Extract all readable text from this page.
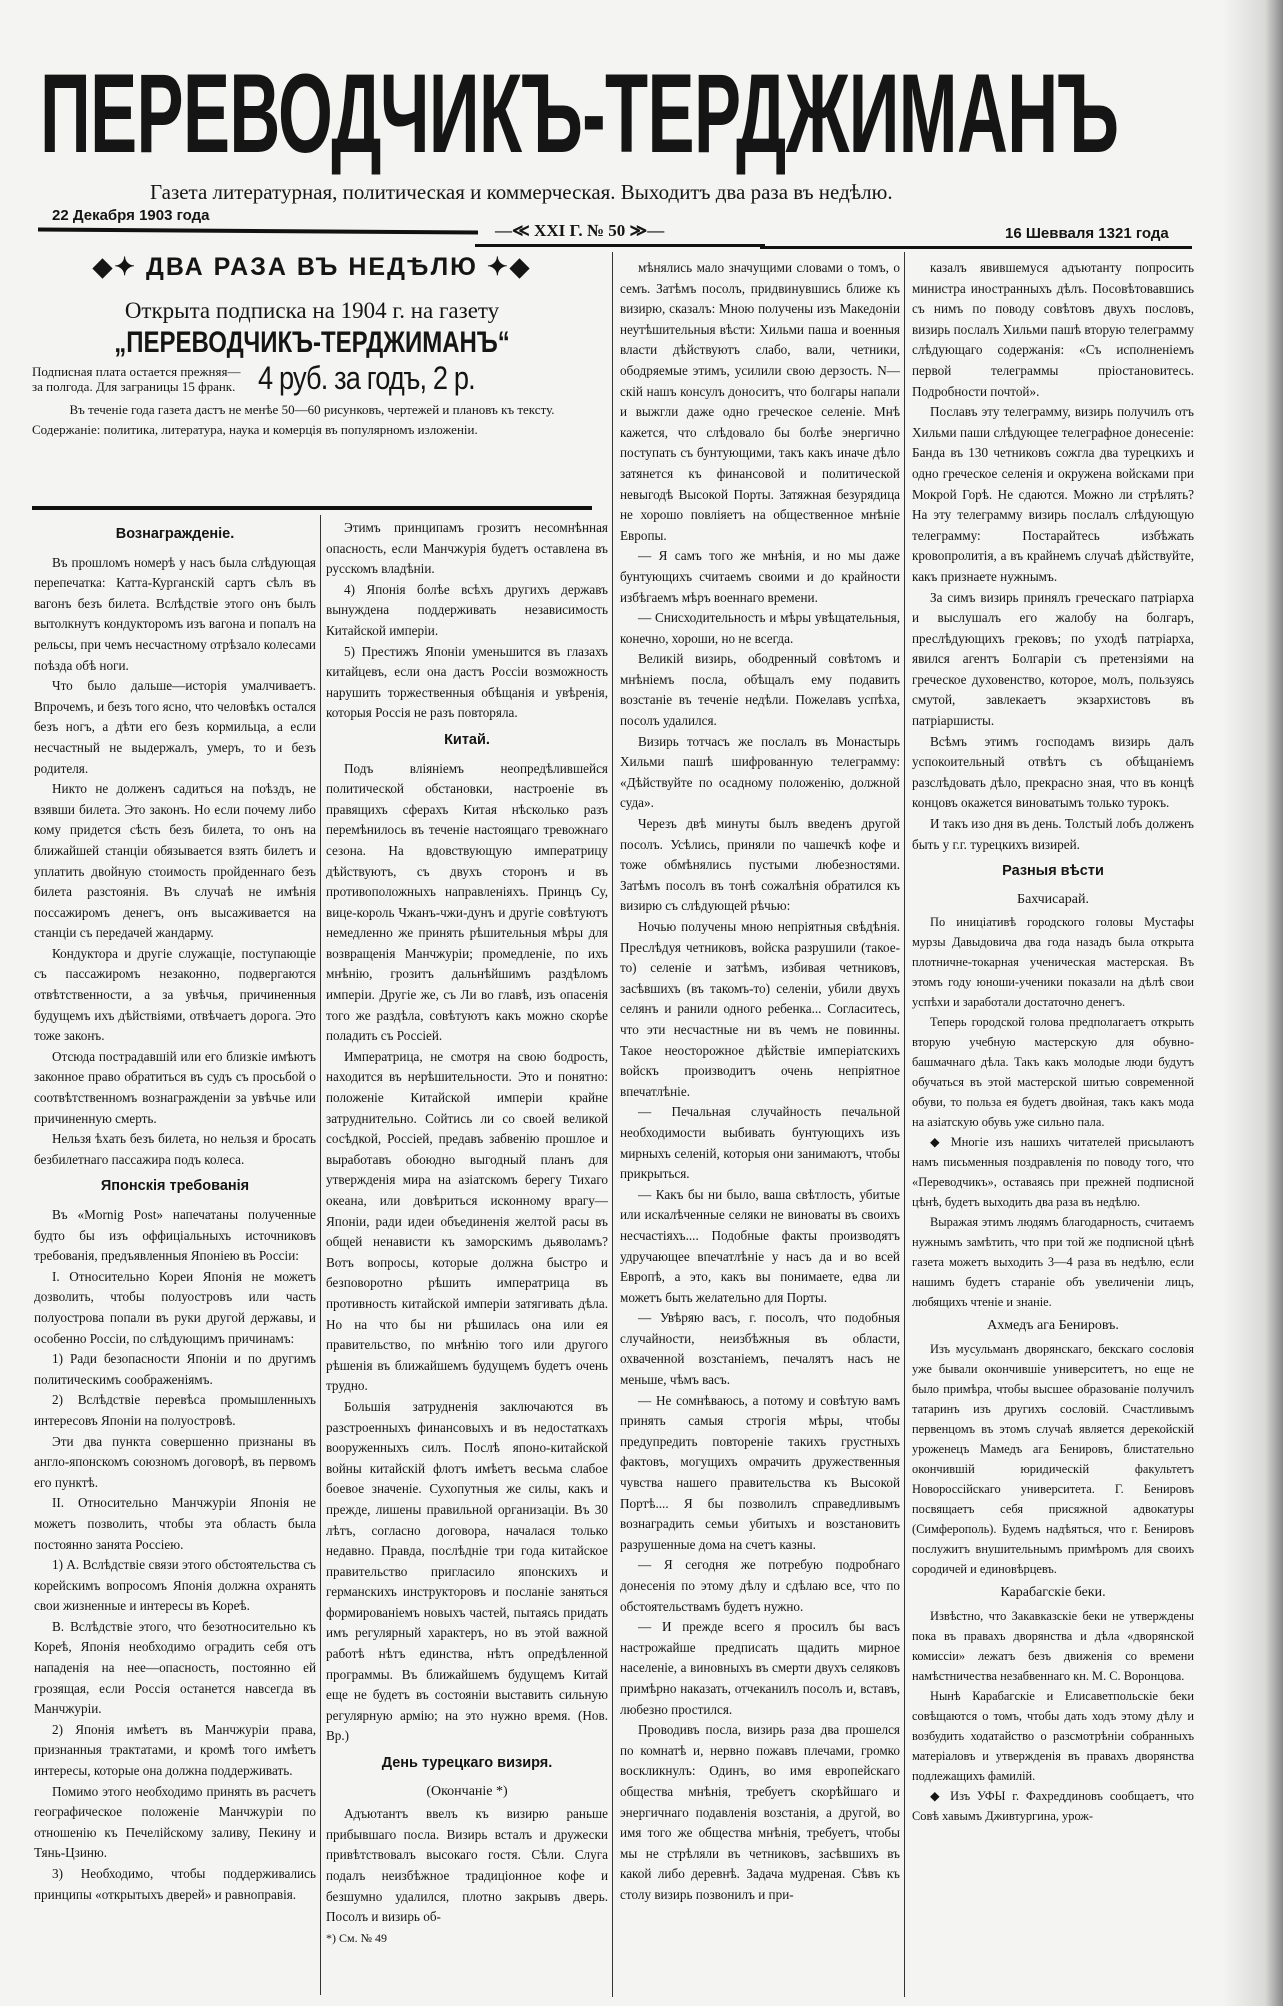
ПЕРЕВОДЧИКЪ-ТЕРДЖИМАНЪ
Газета литературная, политическая и коммерческая. Выходитъ два раза въ недѣлю.
22 Декабря 1903 года
—≪ XXI Г. № 50 ≫—	16 Шевваля 1321 года
◆✦ ДВА РАЗА ВЪ НЕДѢЛЮ ✦◆
Открыта подписка на 1904 г. на газету
„ПЕРЕВОДЧИКЪ-ТЕРДЖИМАНЪ“
Подписная плата остается прежняя— за полгода. Для заграницы 15 франк. 4 руб. за годъ, 2 р.
Въ теченіе года газета дастъ не менѣе 50—60 рисунковъ, чертежей и плановъ къ тексту.
Содержаніе: политика, литература, наука и комерція въ популярномъ изложеніи.
Вознагражденіе.

Въ прошломъ номерѣ у насъ была слѣдующая перепечатка: Катта-Курганскій сартъ сѣлъ въ вагонъ безъ билета. Вслѣдствіе этого онъ былъ вытолкнутъ кондукторомъ изъ вагона и попалъ на рельсы, при чемъ несчастному отрѣзало колесами поѣзда обѣ ноги.

Что было дальше—исторія умалчиваетъ. Впрочемъ, и безъ того ясно, что человѣкъ остался безъ ногъ, а дѣти его безъ кормильца, а если несчастный не выдержалъ, умеръ, то и безъ родителя.

Никто не долженъ садиться на поѣздъ, не взявши билета. Это законъ. Но если почему либо кому придется сѣсть безъ билета, то онъ на ближайшей станціи обязывается взять билетъ и уплатить двойную стоимость пройденнаго безъ билета разстоянія. Въ случаѣ не имѣнія поссажиромъ денегъ, онъ высаживается на станціи съ передачей жандарму.

Кондуктора и другіе служащіе, поступающіе съ пассажиромъ незаконно, подвергаются отвѣтственности, а за увѣчья, причиненныя будущемъ ихъ дѣйствіями, отвѣчаетъ дорога. Это тоже законъ.

Отсюда пострадавшій или его близкіе имѣютъ законное право обратиться въ судъ съ просьбой о соотвѣтственномъ вознагражденіи за увѣчье или причиненную смерть.

Нельзя ѣхать безъ билета, но нельзя и бросать безбилетнаго пассажира подъ колеса.

Японскія требованія

Въ «Mornig Post» напечатаны полученные будто бы изъ оффиціальныхъ источниковъ требованія, предъявленныя Японіею въ Россіи:

I. Относительно Кореи Японія не можетъ дозволить, чтобы полуостровъ или часть полуострова попали въ руки другой державы, и особенно Россіи, по слѣдующимъ причинамъ:

1) Ради безопасности Японіи и по другимъ политическимъ соображеніямъ.

2) Вслѣдствіе перевѣса промышленныхъ интересовъ Японіи на полуостровѣ.

Эти два пункта совершенно признаны въ англо-японскомъ союзномъ договорѣ, въ первомъ его пунктѣ.

II. Относительно Манчжуріи Японія не можетъ позволить, чтобы эта область была постоянно занята Россіею.

1) А. Вслѣдствіе связи этого обстоятельства съ корейскимъ вопросомъ Японія должна охранять свои жизненные и интересы въ Кореѣ.

В. Вслѣдствіе этого, что безотносительно къ Кореѣ, Японія необходимо оградить себя отъ нападенія на нее—опасность, постоянно ей грозящая, если Россія останется навсегда въ Манчжуріи.

2) Японія имѣетъ въ Манчжуріи права, признанныя трактатами, и кромѣ того имѣетъ интересы, которые она должна поддерживать.

Помимо этого необходимо принять въ расчетъ географическое положеніе Манчжуріи по отношенію къ Печелійскому заливу, Пекину и Тянь-Цзиню.

3) Необходимо, чтобы поддерживались принципы «открытыхъ дверей» и равноправія.

Этимъ принципамъ грозитъ несомнѣнная опасность, если Манчжурія будетъ оставлена въ русскомъ владѣніи.

4) Японія болѣе всѣхъ другихъ державъ вынуждена поддерживать независимость Китайской имперіи.

5) Престижъ Японіи уменьшится въ глазахъ китайцевъ, если она дастъ Россіи возможность нарушить торжественныя обѣщанія и увѣренія, которыя Россія не разъ повторяла.

Китай.

Подъ вліяніемъ неопредѣлившейся политической обстановки, настроеніе въ правящихъ сферахъ Китая нѣсколько разъ перемѣнилось въ теченіе настоящаго тревожнаго сезона. На вдовствующую императрицу дѣйствуютъ, съ двухъ сторонъ и въ противоположныхъ направленіяхъ. Принцъ Су, вице-король Чжанъ-чжи-дунъ и другіе совѣтуютъ немедленно же принять рѣшительныя мѣры для возвращенія Манчжуріи; промедленіе, по ихъ мнѣнію, грозитъ дальнѣйшимъ раздѣломъ имперіи. Другіе же, съ Ли во главѣ, изъ опасенія того же раздѣла, совѣтуютъ какъ можно скорѣе поладить съ Россіей.

Императрица, не смотря на свою бодрость, находится въ нерѣшительности. Это и понятно: положеніе Китайской имперіи крайне затруднительно. Сойтись ли со своей великой сосѣдкой, Россіей, предавъ забвенію прошлое и выработавъ обоюдно выгодный планъ для утвержденія мира на азіатскомъ берегу Тихаго океана, или довѣриться исконному врагу—Японіи, ради идеи объединенія желтой расы въ общей ненависти къ заморскимъ дьяволамъ? Вотъ вопросы, которые должна быстро и безповоротно рѣшить императрица въ противность китайской имперіи затягивать дѣла. Но на что бы ни рѣшилась она или ея правительство, по мнѣнію того или другого рѣшенія въ ближайшемъ будущемъ будетъ очень трудно.

Большія затрудненія заключаются въ разстроенныхъ финансовыхъ и въ недостаткахъ вооруженныхъ силъ. Послѣ японо-китайской войны китайскій флотъ имѣетъ весьма слабое боевое значеніе. Сухопутныя же силы, какъ и прежде, лишены правильной организаціи. Въ 30 лѣтъ, согласно договора, началася только недавно. Правда, послѣдніе три года китайское правительство пригласило японскихъ и германскихъ инструкторовъ и посланіе заняться формированіемъ новыхъ частей, пытаясь придать имъ регулярный характеръ, но въ этой важной работѣ нѣтъ единства, нѣтъ опредѣленной программы. Въ ближайшемъ будущемъ Китай еще не будетъ въ состояніи выставить сильную регулярную армію; на это нужно время. (Нов. Вр.)

День турецкаго визиря.
(Окончаніе *)

Адъютантъ ввелъ къ визирю раньше прибывшаго посла. Визирь всталъ и дружески привѣтствовалъ высокаго гостя. Сѣли. Слуга подалъ неизбѣжное традиціонное кофе и безшумно удалился, плотно закрывъ дверь. Посолъ и визирь об-

*) См. № 49

мѣнялись мало значущими словами о томъ, о семъ. Затѣмъ посолъ, придвинувшись ближе къ визирю, сказалъ: Мною получены изъ Македоніи неутѣшительныя вѣсти: Хильми паша и военныя власти дѣйствуютъ слабо, вали, четники, ободряемые этимъ, усилили свою дерзость. N—скій нашъ консулъ доноситъ, что болгары напали и выжгли даже одно греческое селеніе. Мнѣ кажется, что слѣдовало бы болѣе энергично поступать съ бунтующими, такъ какъ иначе дѣло затянется къ финансовой и политической невыгодѣ Высокой Порты. Затяжная безурядица не хорошо повліяетъ на общественное мнѣніе Европы.

— Я самъ того же мнѣнія, и но мы даже бунтующихъ считаемъ своими и до крайности избѣгаемъ мѣръ военнаго времени.

— Снисходительность и мѣры увѣщательныя, конечно, хороши, но не всегда.

Великій визирь, ободренный совѣтомъ и мнѣніемъ посла, обѣщалъ ему подавить возстаніе въ теченіе недѣли. Пожелавъ успѣха, посолъ удалился.

Визирь тотчасъ же послалъ въ Монастырь Хильми пашѣ шифрованную телеграмму: «Дѣйствуйте по осадному положенію, должной суда».

Черезъ двѣ минуты былъ введенъ другой посолъ. Усѣлись, приняли по чашечкѣ кофе и тоже обмѣнялись пустыми любезностями. Затѣмъ посолъ въ тонѣ сожалѣнія обратился къ визирю съ слѣдующей рѣчью:

Ночью получены мною непріятныя свѣдѣнія. Преслѣдуя четниковъ, войска разрушили (такое-то) селеніе и затѣмъ, избивая четниковъ, засѣвшихъ (въ такомъ-то) селеніи, убили двухъ селянъ и ранили одного ребенка... Согласитесь, что эти несчастные ни въ чемъ не повинны. Такое неосторожное дѣйствіе имперіатскихъ войскъ производитъ очень непріятное впечатлѣніе.

— Печальная случайность печальной необходимости выбивать бунтующихъ изъ мирныхъ селеній, которыя они занимаютъ, чтобы прикрыться.

— Какъ бы ни было, ваша свѣтлость, убитые или искалѣченные селяки не виноваты въ своихъ несчастіяхъ.... Подобные факты производятъ удручающее впечатлѣніе у насъ да и во всей Европѣ, а это, какъ вы понимаете, едва ли можетъ быть желательно для Порты.

— Увѣряю васъ, г. посолъ, что подобныя случайности, неизбѣжныя въ области, охваченной возстаніемъ, печалятъ насъ не меньше, чѣмъ васъ.

— Не сомнѣваюсь, а потому и совѣтую вамъ принять самыя строгія мѣры, чтобы предупредить повтореніе такихъ грустныхъ фактовъ, могущихъ омрачить дружественныя чувства нашего правительства къ Высокой Портѣ.... Я бы позволилъ справедливымъ вознаградить семьи убитыхъ и возстановить разрушенные дома на счетъ казны.

— Я сегодня же потребую подробнаго донесенія по этому дѣлу и сдѣлаю все, что по обстоятельствамъ будетъ нужно.

— И прежде всего я просилъ бы васъ настрожайше предписать щадить мирное населеніе, а виновныхъ въ смерти двухъ селяковъ примѣрно наказать, отчеканилъ посолъ и, вставъ, любезно простился.

Проводивъ посла, визирь раза два прошелся по комнатѣ и, нервно пожавъ плечами, громко воскликнулъ: Одинъ, во имя европейскаго общества мнѣнія, требуетъ скорѣйшаго и энергичнаго подавленія возстанія, а другой, во имя того же общества мнѣнія, требуетъ, чтобы мы не стрѣляли въ четниковъ, засѣвшихъ въ какой либо деревнѣ. Задача мудреная. Сѣвъ къ столу визирь позвонилъ и при-

казалъ явившемуся адъютанту попросить министра иностранныхъ дѣлъ. Посовѣтовавшись съ нимъ по поводу совѣтовъ двухъ пословъ, визирь послалъ Хильми пашѣ вторую телеграмму слѣдующаго содержанія: «Съ исполненіемъ первой телеграммы пріостановитесь. Подробности почтой».

Пославъ эту телеграмму, визирь получилъ отъ Хильми паши слѣдующее телеграфное донесеніе: Банда въ 130 четниковъ сожгла два турецкихъ и одно греческое селенія и окружена войсками при Мокрой Горѣ. Не сдаются. Можно ли стрѣлять? На эту телеграмму визирь послалъ слѣдующую телеграмму: Постарайтесь избѣжать кровопролитія, а въ крайнемъ случаѣ дѣйствуйте, какъ признаете нужнымъ.

За симъ визирь принялъ греческаго патріарха и выслушалъ его жалобу на болгаръ, преслѣдующихъ грековъ; по уходѣ патріарха, явился агентъ Болгаріи съ претензіями на греческое духовенство, которое, молъ, пользуясь смутой, завлекаетъ экзархистовъ въ патріаршисты.

Всѣмъ этимъ господамъ визирь далъ успокоительный отвѣтъ съ обѣщаніемъ разслѣдовать дѣло, прекрасно зная, что въ концѣ концовъ окажется виноватымъ только турокъ.

И такъ изо дня въ день. Толстый лобъ долженъ быть у г.г. турецкихъ визирей.

Разныя вѣсти
Бахчисарай.

По иниціативѣ городского головы Мустафы мурзы Давыдовича два года назадъ была открыта плотничне-токарная ученическая мастерская. Въ этомъ году юноши-ученики показали на дѣлѣ свои успѣхи и заработали достаточно денегъ.

Теперь городской голова предполагаетъ открыть вторую учебную мастерскую для обувно-башмачнаго дѣла. Такъ какъ молодые люди будутъ обучаться въ этой мастерской шитью современной обуви, то польза ея будетъ двойная, такъ какъ мода на азіатскую обувь уже сильно пала.

◆ Многіе изъ нашихъ читателей присылаютъ намъ письменныя поздравленія по поводу того, что «Переводчикъ», оставаясь при прежней подписной цѣнѣ, будетъ выходить два раза въ недѣлю.

Выражая этимъ людямъ благодарность, считаемъ нужнымъ замѣтить, что при той же подписной цѣнѣ газета можетъ выходить 3—4 раза въ недѣлю, если нашимъ будетъ стараніе объ увеличеніи лицъ, любящихъ чтеніе и знаніе.

Ахмедъ ага Бенировъ.

Изъ мусульманъ дворянскаго, бекскаго сословія уже бывали окончившіе университетъ, но еще не было примѣра, чтобы высшее образованіе получилъ татаринъ изъ другихъ сословій. Счастливымъ первенцомъ въ этомъ случаѣ является дерекойскій уроженецъ Мамедъ ага Бенировъ, блистательно окончившій юридическій факультетъ Новороссійскаго университета. Г. Бенировъ посвящаетъ себя присяжной адвокатуры (Симферополь). Будемъ надѣяться, что г. Бенировъ послужитъ внушительнымъ примѣромъ для своихъ сородичей и единовѣрцевъ.

Карабагскіе беки.

Извѣстно, что Закавказскіе беки не утверждены пока въ правахъ дворянства и дѣла «дворянской комиссіи» лежатъ безъ движенія со времени намѣстничества незабвеннаго кн. М. С. Воронцова.

Нынѣ Карабагскіе и Елисаветпольскіе беки совѣщаются о томъ, чтобы дать ходъ этому дѣлу и возбудить ходатайство о разсмотрѣніи собранныхъ матеріаловъ и утвержденія въ правахъ дворянства подлежащихъ фамилій.

◆ Изъ УФЫ г. Фахреддиновъ сообщаетъ, что Совѣ хавымъ Дживтургина, урож-
